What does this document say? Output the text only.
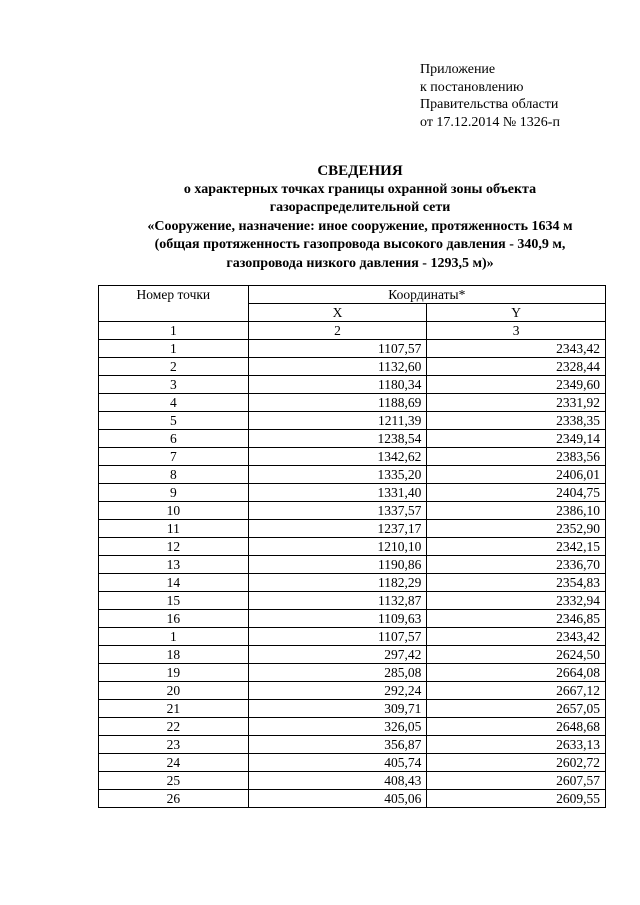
Приложение
к постановлению
Правительства области
от 17.12.2014 № 1326-п
СВЕДЕНИЯ
о характерных точках границы охранной зоны объекта
газораспределительной сети
«Сооружение, назначение: иное сооружение, протяженность 1634 м
(общая протяженность газопровода высокого давления - 340,9 м,
газопровода низкого давления - 1293,5 м)»
Номер точки	Координаты*	
	X	Y
1	2	3
1	1107,57	2343,42
2	1132,60	2328,44
3	1180,34	2349,60
4	1188,69	2331,92
5	1211,39	2338,35
6	1238,54	2349,14
7	1342,62	2383,56
8	1335,20	2406,01
9	1331,40	2404,75
10	1337,57	2386,10
11	1237,17	2352,90
12	1210,10	2342,15
13	1190,86	2336,70
14	1182,29	2354,83
15	1132,87	2332,94
16	1109,63	2346,85
1	1107,57	2343,42
18	297,42	2624,50
19	285,08	2664,08
20	292,24	2667,12
21	309,71	2657,05
22	326,05	2648,68
23	356,87	2633,13
24	405,74	2602,72
25	408,43	2607,57
26	405,06	2609,55
